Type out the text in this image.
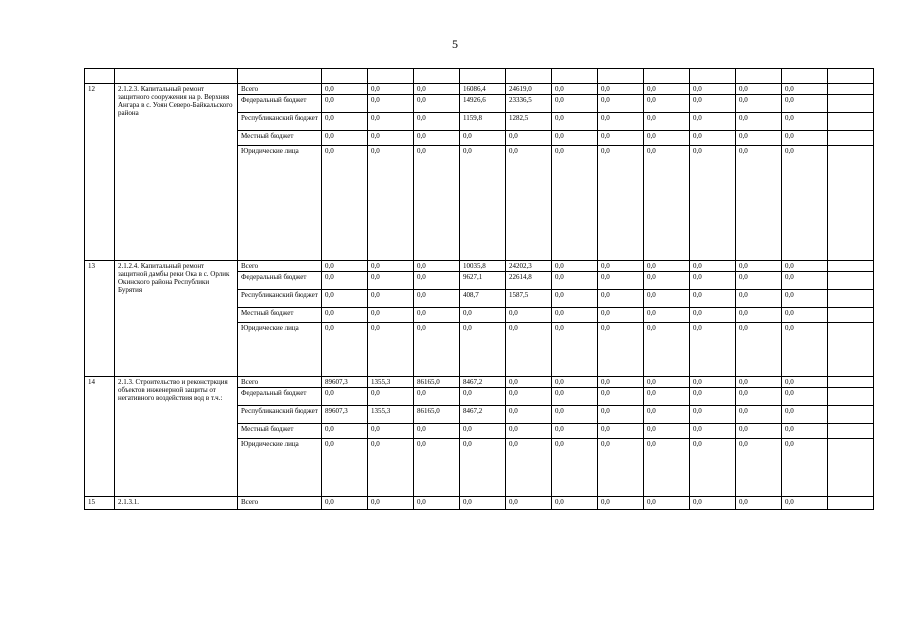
5

12	2.1.2.3. Капитальный ремонт защитного сооружения на р. Верхняя Ангара в с. Уоян Северо-Байкальского района	Всего	0,0	0,0	0,0	16086,4	24619,0	0,0	0,0	0,0	0,0	0,0	0,0	
		Федеральный бюджет	0,0	0,0	0,0	14926,6	23336,5	0,0	0,0	0,0	0,0	0,0	0,0	
		Республиканский бюджет	0,0	0,0	0,0	1159,8	1282,5	0,0	0,0	0,0	0,0	0,0	0,0	
		Местный бюджет	0,0	0,0	0,0	0,0	0,0	0,0	0,0	0,0	0,0	0,0	0,0	
		Юридические лица	0,0	0,0	0,0	0,0	0,0	0,0	0,0	0,0	0,0	0,0	0,0	
13	2.1.2.4. Капитальный ремонт защитной дамбы реки Ока в с. Орлик Окинского района Республики Бурятия	Всего	0,0	0,0	0,0	10035,8	24202,3	0,0	0,0	0,0	0,0	0,0	0,0	
		Федеральный бюджет	0,0	0,0	0,0	9627,1	22614,8	0,0	0,0	0,0	0,0	0,0	0,0	
		Республиканский бюджет	0,0	0,0	0,0	408,7	1587,5	0,0	0,0	0,0	0,0	0,0	0,0	
		Местный бюджет	0,0	0,0	0,0	0,0	0,0	0,0	0,0	0,0	0,0	0,0	0,0	
		Юридические лица	0,0	0,0	0,0	0,0	0,0	0,0	0,0	0,0	0,0	0,0	0,0	
14	2.1.3. Строительство и реконстркция объектов инженерной защиты от негативного воздействия вод в т.ч.:	Всего	89607,3	1355,3	86165,0	8467,2	0,0	0,0	0,0	0,0	0,0	0,0	0,0	
		Федеральный бюджет	0,0	0,0	0,0	0,0	0,0	0,0	0,0	0,0	0,0	0,0	0,0	
		Республиканский бюджет	89607,3	1355,3	86165,0	8467,2	0,0	0,0	0,0	0,0	0,0	0,0	0,0	
		Местный бюджет	0,0	0,0	0,0	0,0	0,0	0,0	0,0	0,0	0,0	0,0	0,0	
		Юридические лица	0,0	0,0	0,0	0,0	0,0	0,0	0,0	0,0	0,0	0,0	0,0	
15	2.1.3.1.	Всего	0,0	0,0	0,0	0,0	0,0	0,0	0,0	0,0	0,0	0,0	0,0	
